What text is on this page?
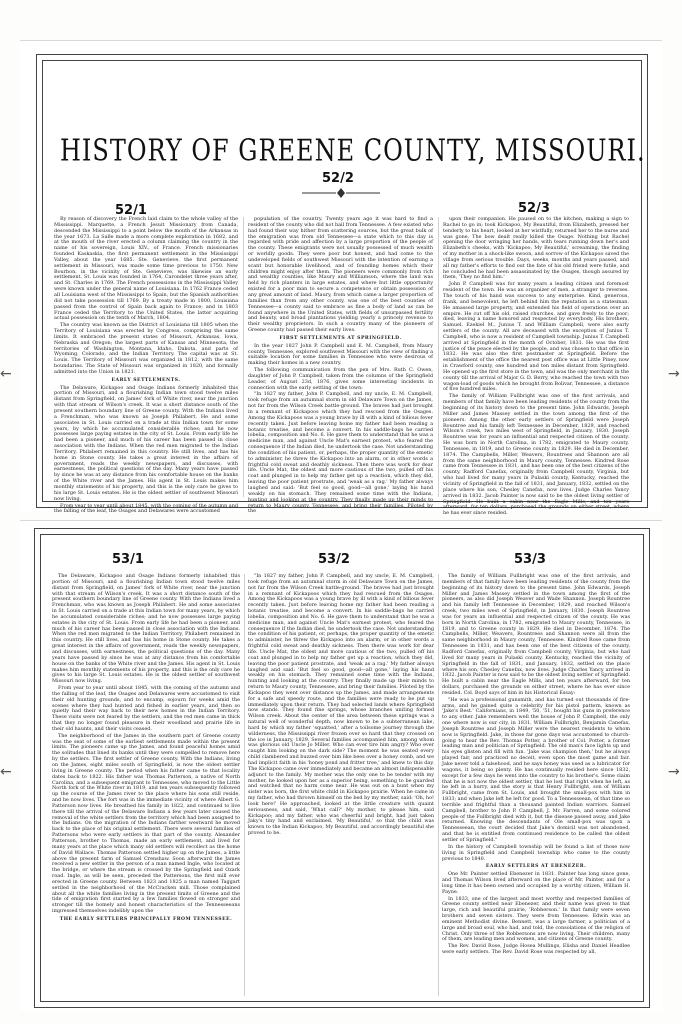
HISTORY OF GREENE COUNTY, MISSOURI.
52/1
52/2
52/3
53/1	53/2	53/3

By reason of discovery the French laid claim to the whole valley of the Mississippi. Marquette, a French Jesuit Missionary from Canada, descended the Mississippi to a point below the mouth of the Arkansas in the year 1673. La Salle made a more complete exploration in 1682, and at the mouth of the river erected a column claiming the country in the name of his sovereign, Louis XIV., of France. French missionaries founded Kaskaskia, the first permanent settlement in the Mississippi Valley, about the year 1685. Ste. Genevieve, the first permanent settlement in Missouri, was made some time previous to 1750. New Bourbon, in the vicinity of Ste. Genevieve, was likewise an early settlement. St. Louis was founded in 1764, Carondelet three years after, and St. Charles in 1769. The French possessions in the Mississippi Valley were known under the general name of Louisiana. In 1762 France ceded all Louisiana west of the Mississippi to Spain, but the Spanish authorities did not take possession till 1769. By a treaty made in 1800, Louisiana passed from the control of Spain back again to France; and in 1803 France ceded the Territory to the United States, the latter acquiring actual possession on the tenth of March, 1804.

The country was known as the District of Louisiana till 1805 when the Territory of Louisiana was erected by Congress, comprising the same limits. It embraced the present states of Missouri, Arkansas, Iowa, Nebraska and Oregon; the largest parts of Kansas and Minnesota, the territories of Washington, Montana, Idaho, Dakota, and parts of Wyoming, Colorado, and the Indian Territory. The capital was at St. Louis. The Territory of Missouri was organized in 1812, with the same boundaries. The State of Missouri was organized in 1820, and formally admitted into the Union in 1821.

EARLY SETTLEMENTS.

The Delaware, Kickapoo and Osage Indians formerly inhabited this portion of Missouri, and a flourishing Indian town stood twelve miles distant from Springfield, on James' fork of White river, near the junction with that stream of Wilson's creek. It was a short distance south of the present southern boundary line of Greene county. With the Indians lived a Frenchman, who was known as Joseph Philabert. He and some associates in St. Louis carried on a trade at this Indian town for some years, by which he accumulated considerable riches; and he now possesses large paying estates in the city of St. Louis. From early life he had been a pioneer, and much of his career has been passed in close association with the Indians. When the red men migrated to the Indian Territory, Philabert remained in this country. He still lives, and has his home in Stone county. He takes a great interest in the affairs of government, reads the weekly newspapers, and discusses, with earnestness, the political questions of the day. Many years have passed by since he was at any distance from his comfortable house on the banks of the White river and the James. His agent in St. Louis makes him monthly statements of his property, and this is the only care he gives to his large St. Louis estates. He is the oldest settler of southwest Missouri now living.

From year to year until about 1845, with the coming of the autumn and the falling of the leaf, the Osages and Delawares were accustomed

population of the country. Twenty years ago it was hard to find a resident of the county who did not hail from Tennessee. A few existed who had found their way hither from scattering sources, but the great bulk of the emigration was from old Tennessee—a state which to this day is regarded with pride and affection by a large proportion of the people of the county. These emigrants were not usually possessed of much wealth or worldly goods. They were poor but honest, and had come to the undeveloped fields of southwest Missouri with the intention of earning a scant but honorable livelihood, and of founding homes which their children might enjoy after them. The pioneers were commonly from rich and wealthy counties, like Maury and Williamson, where the land was held by rich planters in large estates, and where but little opportunity existed for a poor man to secure a competence or obtain possession of any great amount of land. Maury, from which came a larger proportion of families than from any other county, was one of the best counties of Tennessee—a county said to embrace as fine a body of land as can be found anywhere in the United States, with fields of unsurpassed fertility and beauty, and broad plantations yielding yearly a princely revenue to their wealthy proprietors. In such a country many of the pioneers of Greene county had passed their early lives.

FIRST SETTLEMENTS AT SPRINGFIELD.

In the year 1827 John P. Campbell and E. M. Campbell, from Maury county, Tennessee, explored southwest Missouri with the view of finding a suitable location for some families in Tennessee who were desirous of making their homes in a new country.

The following communication from the pen of Mrs. Ruth C. Owen, daughter of John P. Campbell, taken from the columns of the Springfield Leader, of August 23d, 1876, gives some interesting incidents in connection with the early settling of the town:

"In 1827 my father, John P. Campbell, and my uncle, E. M. Campbell, took refuge from an autumnal storm in old Delaware Town on the James, not far from the Wilson Creek battle-ground. The braves had just brought in a remnant of Kickapoos which they had rescued from the Osages. Among the Kickapoos was a young brave by ill with a kind of bilious fever recently taken. Just before leaving home my father had been reading a botanic treatise, and become a convert. In his saddle-bags he carried lobelia, composition and No. 6. He gave them to understand that he was a medicine man, and against Uncle Mat's earnest protest, who feared the consequence if the Indian died, he undertook the case. Not understanding the condition of his patient, or, perhaps, the proper quantity of the emetic to administer, he threw the Kickapoo into an alarm, or in other words a frightful cold sweat and deathly sickness. Then there was work for dear life. Uncle Mat, the oldest and more cautious of the two, pulled off his coat and plunged in to help my father get up a reaction, which they did, leaving the poor patient prostrate, and 'weak as a rag.' My father always laughed and said: 'But feel so good, good—all gone,' laying his hand weakly on his stomach. They remained some time with the Indians, hunting and looking at the country. They finally made up their minds to return to Maury county, Tennessee, and bring their families. Piloted by the

upon their companion. He paused on to the kitchen, making a sign to Rachel to go in; took Kickapoo, My Beautiful, from Elizabeth, pressed her tenderly to his heart, looked at her wistfully, returned her to the nurse and was gone. The bow dealt really killed the Osage. Nothing but Rachel opening the door wringing her hands, with tears running down her's and Elizabeth's cheeks, with 'Kickapoo, My Beautiful,' screaming, the finding of my mother in a shock-like swoon, and sorrow of the Kickapoo saved the village from serious trouble. Days, weeks, months and years passed, and all my father's efforts to find out the fate of his old friend were futile, and he concluded he had been assassinated by the Osages, though assured by them, 'They no find him.'

John P. Campbell was for many years a leading citizen and foremost resident of the town. He was an organizer of men, a stranger to reverses. The touch of his hand was success to any enterprise. Kind, generous, frank, and benevolent, he left behind him the reputation as a statesman. He amassed large property, and extended his field of operations over an empire. He cut off his old, raised churches, and gave freely to the poor; died, leaving a name honored and respected by everybody. His brothers, Samuel, Ezekiel M., Junius T. and William Campbell, were also early settlers of the county. All are deceased with the exception of Junius T. Campbell, who is now a resident of Campbell township. Junius T. Campbell arrived at Springfield in the month of October, 1831. He was the first justice of the peace elected by the people, and was chosen to that office in 1832. He was also the first postmaster at Springfield. Before the establishment of the office the nearest post office was at Little Piney, now in Crawford county, one hundred and ten miles distant from Springfield. He opened up the first store in the town, and was the only merchant in the county till the arrival of Major G. D. Berry, who reached the town with two wagon-load of goods which he brought from Bolivar, Tennessee, a distance of five hundred miles.

The family of William Fullbright was one of the first arrivals, and members of that family have been leading residents of the county from the beginning of its history down to the present time. John Edwards, Joseph Miller and James Massey settled in the town among the first of the pioneers. Among the other early settlers of Springfield were Joseph Rountree and his family left Tennessee in December, 1829, and reached Wilson's creek, two miles west of Springfield, in January, 1830. Joseph Rountree was for years an influential and respected citizen of the county. He was born in North Carolina, in 1782, emigrated to Maury county, Tennessee, in 1819, and to Greene county in 1829. He died in December, 1874. The Campbells, Miller, Weavers, Rountrees and Shannon are all from the same neighborhood in Maury county, Tennessee. Kindred Rose came from Tennessee in 1831, and has been one of the best citizens of the county. Radford Canefax, originally from Campbell county, Virginia, but who had lived for many years in Pulaski county, Kentucky, reached the vicinity of Springfield in the fall of 1831, and January, 1832, settled on the place where his son, Chesley Canefax, now lives. Judge Charles Yancy arrived in 1832. Jacob Painter is now said to be the oldest living settler of Springfield. He built a cabin near the Eagle Mills, and ten years afterward, for ten dollars, purchased the grounds on either street, where he has ever since resided.

The Delaware, Kickapoo and Osage Indians formerly inhabited this portion of Missouri, and a flourishing Indian town stood twelve miles distant from Springfield, on James' fork of White river, near the junction with that stream of Wilson's creek. It was a short distance south of the present southern boundary line of Greene county. With the Indians lived a Frenchman, who was known as Joseph Philabert. He and some associates in St. Louis carried on a trade at this Indian town for many years, by which he accumulated considerable riches; and he now possesses large paying estates in the city of St. Louis. From early life he had been a pioneer, and much of his career has been passed in close association with the Indians. When the red men migrated to the Indian Territory, Philabert remained in this country. He still lives, and has his home in Stone county. He takes a great interest in the affairs of government, reads the weekly newspapers, and discusses, with earnestness, the political questions of the day. Many years have passed by since he was at any distance from his comfortable house on the banks of the White river and the James. His agent in St. Louis makes him monthly statements of his property, and this is the only care he gives to his large St. Louis estates. He is the oldest settler of southwest Missouri now living.

From year to year until about 1845, with the coming of the autumn and the falling of the leaf, the Osages and Delawares were accustomed to visit their old hunting grounds, and to encamp, sojourn for weeks amid the scenes where they had hunted and fished in earlier years, and then so quietly had their way back to their new homes in the Indian Territory. These visits were not feared by the settlers, and the red men came in thick that they no longer found pleasure in their woodland and prairie life in their old haunts, and their visits ceased.

The neighborhood of the James in the southern part of Greene county was the seat of some of the earliest settlements made within the present limits. The pioneers came up the James, and found peaceful homes amid the solitudes that lined its banks until they were compelled to remove here by the settlers. The first settler of Greene county. With the Indians, living on the James, eight miles south of Springfield, is now the oldest settler living in Greene county. The period when his father came to that locality dates back to 1822. His father was Thomas Patterson, a native of North Carolina, and a subsequent emigrant to Tennessee, who moved to the Little North fork of the White river in 1819, and ten years subsequently followed up the course of the James river to the place where his sons still reside, and he now lives. The fort was in the immediate vicinity of where Albert G. Patterson now lives. He breathed his family in 1822, and continued to live there till the arrival of the Delaware Indians a few years later caused the removal of the white settlers from the territory which had been assigned to the Indians. On the migration of the Indians farther westward he moved back to the place of his original settlement. There were several families of Pattersons who were early settlers in that part of the county. Alexander Patterson, brother to Thomas, made an early settlement, and lived for many years at the place which many old settlers will recollect as the home of David Wallace. Thomas Patterson settled higher up on the James, a little above the present farm of Samuel Crenshaw. Soon afterward the James received a new settler in the person of a man named Ingle, who located at the bridge, or where the stream is crossed by the Springfield and Ozark road. Ingle, as will be seen, preceded the Pattersons, the first mill ever erected in Greene county. Between 1823 and 1825 a man named Taggart settled in the neighborhood of the McCracken mill. Those complained about all the white families living in the present limits of Greene and the tide of emigration first started by a few families flowed on stronger and stronger till the homely and honest characteristics of the Tennesseeans impressed themselves indelibly upon the

THE EARLY SETTLERS PRINCIPALLY FROM TENNESSEE.

"In 1827 my father, John P. Campbell, and my uncle, E. M. Campbell, took refuge from an autumnal storm in old Delaware Town on the James, not far from the Wilson Creek battle-ground. The braves had just brought in a remnant of Kickapoos which they had rescued from the Osages. Among the Kickapoos was a young brave by ill with a kind of bilious fever recently taken. Just before leaving home my father had been reading a botanic treatise, and become a convert. In his saddle-bags he carried lobelia, composition and No. 6. He gave them to understand that he was a medicine man, and against Uncle Mat's earnest protest, who feared the consequence if the Indian died, he undertook the case. Not understanding the condition of his patient, or, perhaps, the proper quantity of the emetic to administer, he threw the Kickapoo into an alarm, or in other words a frightful cold sweat and deathly sickness. Then there was work for dear life. Uncle Mat, the oldest and more cautious of the two, pulled off his coat and plunged in to help my father get up a reaction, which they did, leaving the poor patient prostrate, and 'weak as a rag.' My father always laughed and said: 'But feel so good, good—all gone,' laying his hand weakly on his stomach. They remained some time with the Indians, hunting and looking at the country. They finally made up their minds to return to Maury county, Tennessee, and bring their families. Piloted by the Kickapoo they went over distance up the James, and made arrangements for a safe and speedy route, and the families were ready to be put up immediately upon their return. They had selected lands where Springfield now stands. They found fine springs, whose branches uniting formed Wilson creek. About the center of the area between these springs was a natural well of wonderful depth, now known to be a subterranean lake, hard by which my father 'squatted,' after a toilsome journey through the wilderness, the Mississippi river frozen over so hard that they crossed on the ice in January, 1829. Several families accompanied him, among whom was glorious old Uncle Jo Miller. Who can ever tire him angry? Who ever caught him looking on the dark side? The moment he was seated every child clambered and buzzed over him like bees over a honey comb, and we had implicit faith in his 'honey pond and fritter tree,' and knew to this day. The Kickapoo came over immediately and became an almost indispensable adjunct to the family. My mother was the only one to be tender with my mother, he looked upon her as a superior being, something to be guarded and watched that no harm come near. He was out on a hunt when my sister was born, the first white child in Kickapoo prairie. When he came in my father, who had thrown himself on the bed by my mother, said: 'Oh, ho! look here!' He approached, looked at the little creature with quaint seriousness, and said, 'What call?' My mother, to please him, said Kickapoo; and my father, who was cheerful and bright, had just taken Jaky's tiny hand and exclaimed, 'My Beautiful,' so that the child was known to the Indian Kickapoo, My Beautiful, and accordingly beautiful she proved to be.

The family of William Fullbright was one of the first arrivals, and members of that family have been leading residents of the county from the beginning of its history down to the present time. John Edwards, Joseph Miller and James Massey settled in the town among the first of the pioneers, as also did Joseph Weaver and Wade Shannon. Joseph Rountree and his family left Tennessee in December, 1829, and reached Wilson's creek, two miles west of Springfield, in January, 1830. Joseph Rountree was for years an influential and respected citizen of the county. He was born in North Carolina, in 1782, emigrated to Maury county, Tennessee, in 1819, and to Greene county in 1829. He died in December, 1874. The Campbells, Miller, Weavers, Rountrees and Shannon were all from the same neighborhood in Maury county, Tennessee. Kindred Rose came from Tennessee in 1831, and has been one of the best citizens of the county. Radford Canefax, originally from Campbell county, Virginia, but who had lived for many years in Pulaski county, Kentucky, reached the vicinity of Springfield in the fall of 1831, and January, 1832, settled on the place where his son, Chesley Canefax, now lives. Judge Charles Yancy arrived in 1832. Jacob Painter is now said to be the oldest living settler of Springfield. He built a cabin near the Eagle Mills, and ten years afterward, for ten dollars, purchased the grounds on either street, where he has ever since resided. Col. Boyd says of him in his Historical Essay:

"He was a professional gunsmith, and has turned out thousands of fire-arms, and he gained quite a celebrity for his pistol pattern, known as 'Jake's Best.' Californians, in 1849, '50, '51, bought his guns in preference to any other. Jake remembers well the house of John P. Campbell, the only one where now is our city, in 1831. William Fullbright, Benjamin Canefax, Joseph Rountree and Joseph Miller were the nearest residents to whom now is Springfield. Jake, in those far gone days was accustomed to church-going to hear the Rev. Thomas Potter, a brother of Col. Potter, a former leading man and politician of Springfield. The old man's face lights up and his eyes glisten and fill with fun. 'Jake was champion then,' but he always played fair, and practiced no deceit, even upon the most game and fair. Jake never told a falsehood, and he says honey was used as a lubricator for wagons, it being so plenty. He has continually resided here since 1832, except for a few days he went into the country to his brother's. Some claim that he is not now the oldest settler, that he lost that right when he left, as he left in a hurry, and the story is that Henry Fullbright, son of William Fullbright, came from St. Louis, and brought the small-pox with him in 1833; and when Jake left he left for good. To a Tennesseean, of that time so terrible and frightful than a thousand painted Indian warriors. Samuel Campbell, brother to John P. Campbell, J. Mc Farren, and some colored people of the Fullbright died with it, but the disease passed away, and Jake returned. Knowing the descendants of Ole small-pox was upon a Tennesseean, the court decided that Jake's domicil was not abandoned, and that he is entitled from continued residence to be called the oldest settler of Springfield."

In the history of Campbell township will be found a list of those now living in Springfield and Campbell township who came to the county previous to 1840.

EARLY SETTLERS AT EBENEZER.

One Mr. Painter settled Ebenezer in 1831. Painter has long since gone, and Thomas Wilson lived afterward on the place of Mr. Painter, and for a long time it has been owned and occupied by a worthy citizen, William H. Payne.

In 1833, one of the largest and most worthy and respected families of Greene county settled near Ebenezer, and their name was given to that large, rich and beautiful prairie, 'Robberson.' In that family were seven brothers and seven sisters. They were from Tennessee. Edwin was an eminent Methodist divine. Bennett, was a large farmer, a politician of a large and broad soul, who had, and told, the consolations of the religion of Christ. Only three of the Robbersons are now living. Their children, many of them, are leading men and women, and citizens of Greene county.

The Rev. David Rose, Judge Hosea Mullings, Elisha and Daniel Headlee were early settlers. The Rev. David Rose was respected by all,

←	→
←	→
